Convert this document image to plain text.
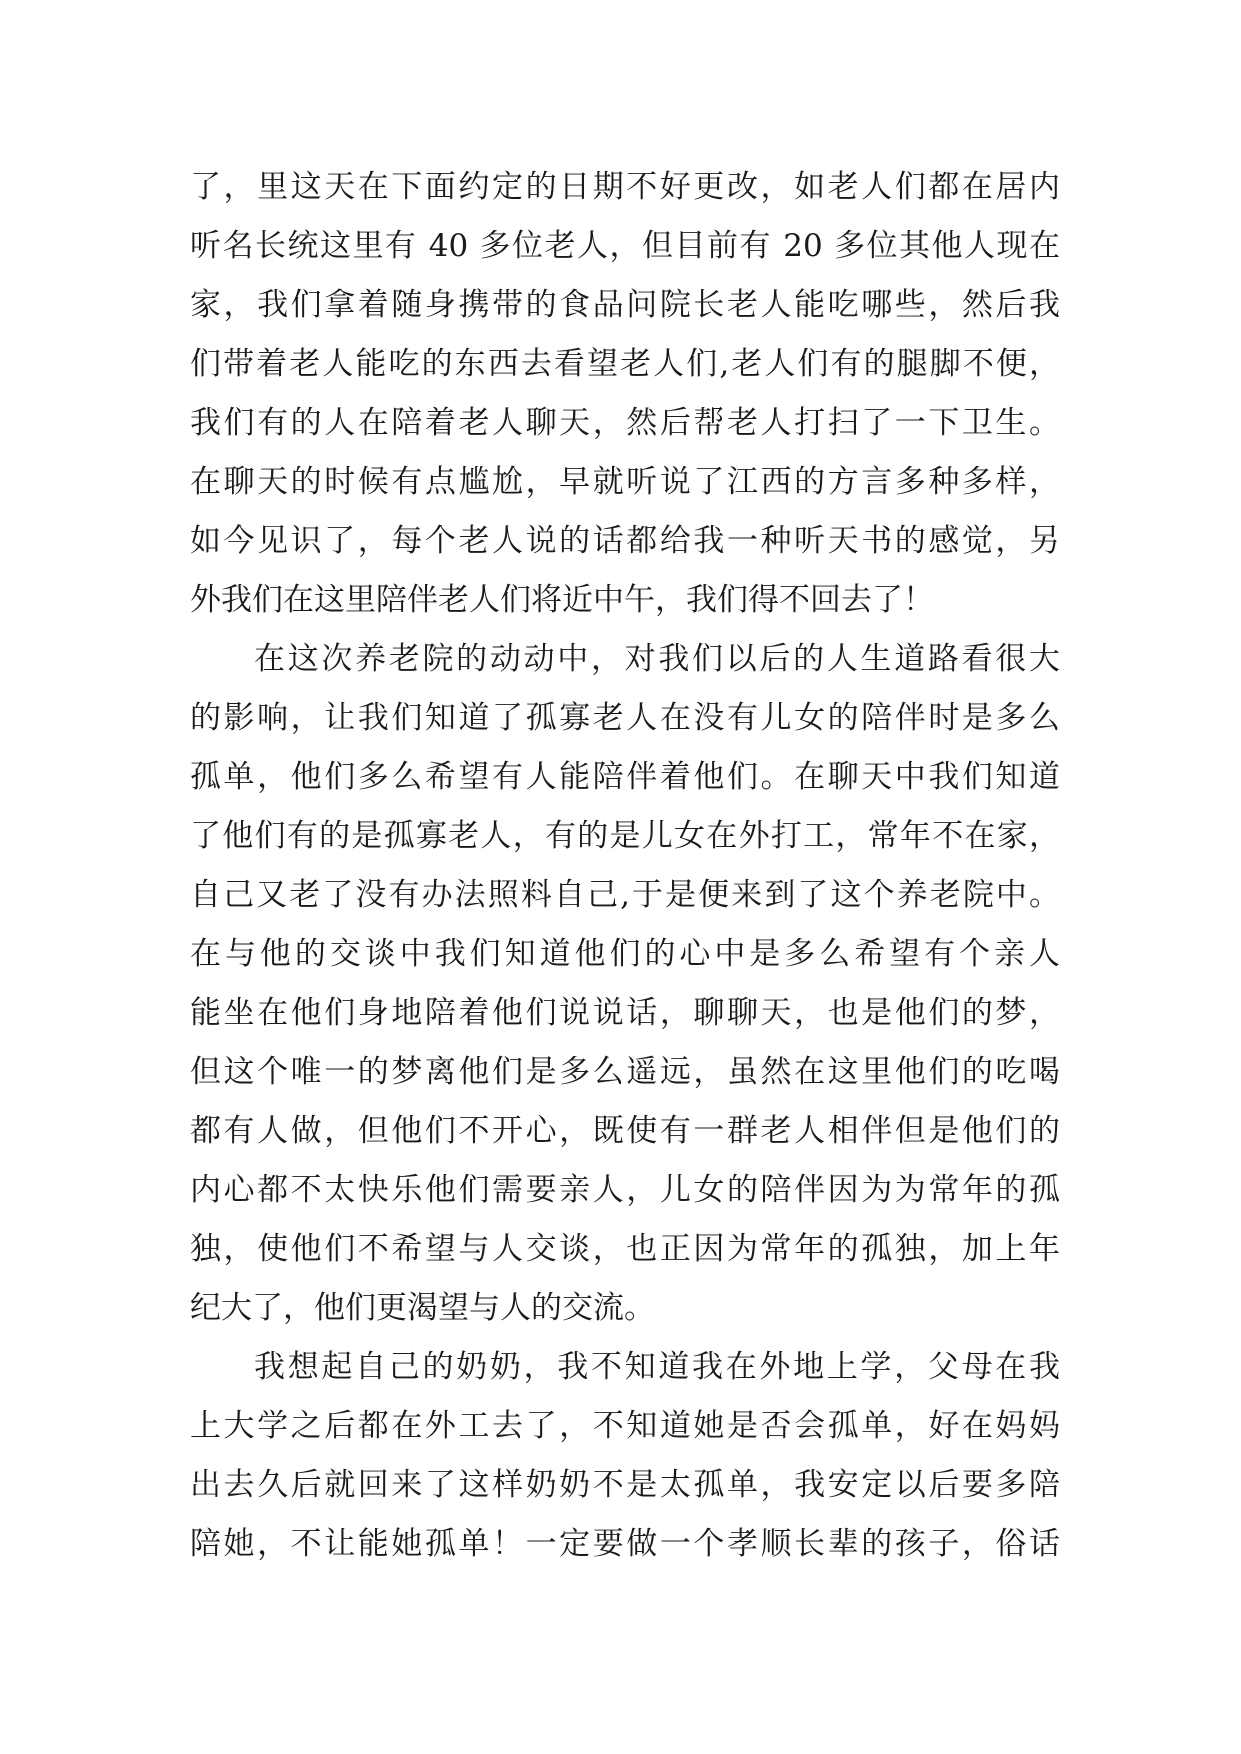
了，里这天在下面约定的日期不好更改，如老人们都在居内
听名长统这里有 40 多位老人，但目前有 20 多位其他人现在
家，我们拿着随身携带的食品问院长老人能吃哪些，然后我
们带着老人能吃的东西去看望老人们,老人们有的腿脚不便，
我们有的人在陪着老人聊天，然后帮老人打扫了一下卫生。
在聊天的时候有点尴尬，早就听说了江西的方言多种多样，
如今见识了，每个老人说的话都给我一种听天书的感觉，另
外我们在这里陪伴老人们将近中午，我们得不回去了！
在这次养老院的动动中，对我们以后的人生道路看很大
的影响，让我们知道了孤寡老人在没有儿女的陪伴时是多么
孤单，他们多么希望有人能陪伴着他们。在聊天中我们知道
了他们有的是孤寡老人，有的是儿女在外打工，常年不在家，
自己又老了没有办法照料自己,于是便来到了这个养老院中。
在与他的交谈中我们知道他们的心中是多么希望有个亲人
能坐在他们身地陪着他们说说话，聊聊天，也是他们的梦，
但这个唯一的梦离他们是多么遥远，虽然在这里他们的吃喝
都有人做，但他们不开心，既使有一群老人相伴但是他们的
内心都不太快乐他们需要亲人，儿女的陪伴因为为常年的孤
独，使他们不希望与人交谈，也正因为常年的孤独，加上年
纪大了，他们更渴望与人的交流。
我想起自己的奶奶，我不知道我在外地上学，父母在我
上大学之后都在外工去了，不知道她是否会孤单，好在妈妈
出去久后就回来了这样奶奶不是太孤单，我安定以后要多陪
陪她，不让能她孤单！一定要做一个孝顺长辈的孩子，俗话
